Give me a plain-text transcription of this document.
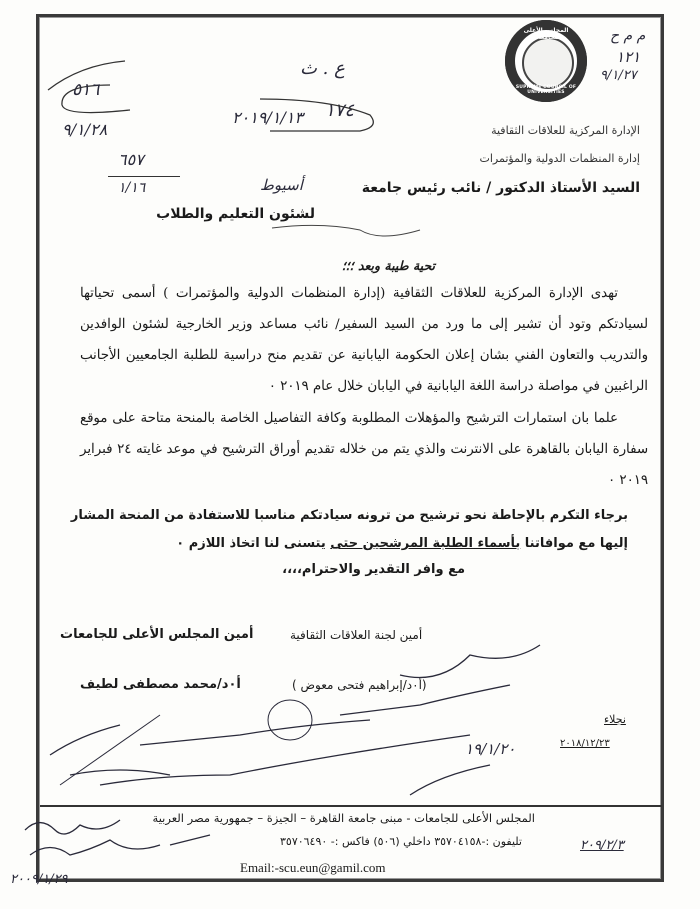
المجلس الأعلى للجامعات
SUPREME COUNCIL OF UNIVERSITIES
م م ح
١٢١
٩/١/٢٧
ع . ث
١٧٤
٢٠١٩/١/١٣
٥١٦
٩/١/٢٨
٦٥٧
١/١٦
الإدارة المركزية للعلاقات الثقافية
إدارة المنظمات الدولية والمؤتمرات
السيد الأستاذ الدكتور / نائب رئيس جامعة
أسيوط
لشئون التعليم والطلاب
تحية طيبة وبعد ؛؛؛
تهدى الإدارة المركزية للعلاقات الثقافية (إدارة المنظمات الدولية والمؤتمرات ) أسمى تحياتها لسيادتكم وتود أن تشير إلى ما ورد من السيد السفير/ نائب مساعد وزير الخارجية لشئون الوافدين والتدريب والتعاون الفني بشان إعلان الحكومة اليابانية عن تقديم منح دراسية للطلبة الجامعيين الأجانب الراغبين في مواصلة دراسة اللغة اليابانية في اليابان خلال عام ٢٠١٩ ٠
علما بان استمارات الترشيح والمؤهلات المطلوبة وكافة التفاصيل الخاصة بالمنحة متاحة على موقع سفارة اليابان بالقاهرة على الانترنت والذي يتم من خلاله تقديم أوراق الترشيح في موعد غايته ٢٤ فبراير ٢٠١٩ ٠
برجاء التكرم بالإحاطة نحو ترشيح من ترونه سيادتكم مناسبا للاستفادة من المنحة المشار
إليها مع موافاتنا بأسماء الطلبة المرشحين حتى يتسنى لنا اتخاذ اللازم ٠
مع وافر التقدير والاحترام،،،،
أمين المجلس الأعلى للجامعات
أ٠د/محمد مصطفى لطيف
أمين لجنة العلاقات الثقافية
(أ٠د/إبراهيم فتحى معوض )
نجلاء
٢٠١٨/١٢/٢٣
١٩/١/٢٠
المجلس الأعلى للجامعات - مبنى جامعة القاهرة – الجيزة – جمهورية مصر العربية
تليفون :-٣٥٧٠٤١٥٨ داخلي (٥٠٦) فاكس :- ٣٥٧٠٦٤٩٠
Email:-scu.eun@gamil.com
٢٠٩/٢/٣
٢٠٠٩/١/٢٩
